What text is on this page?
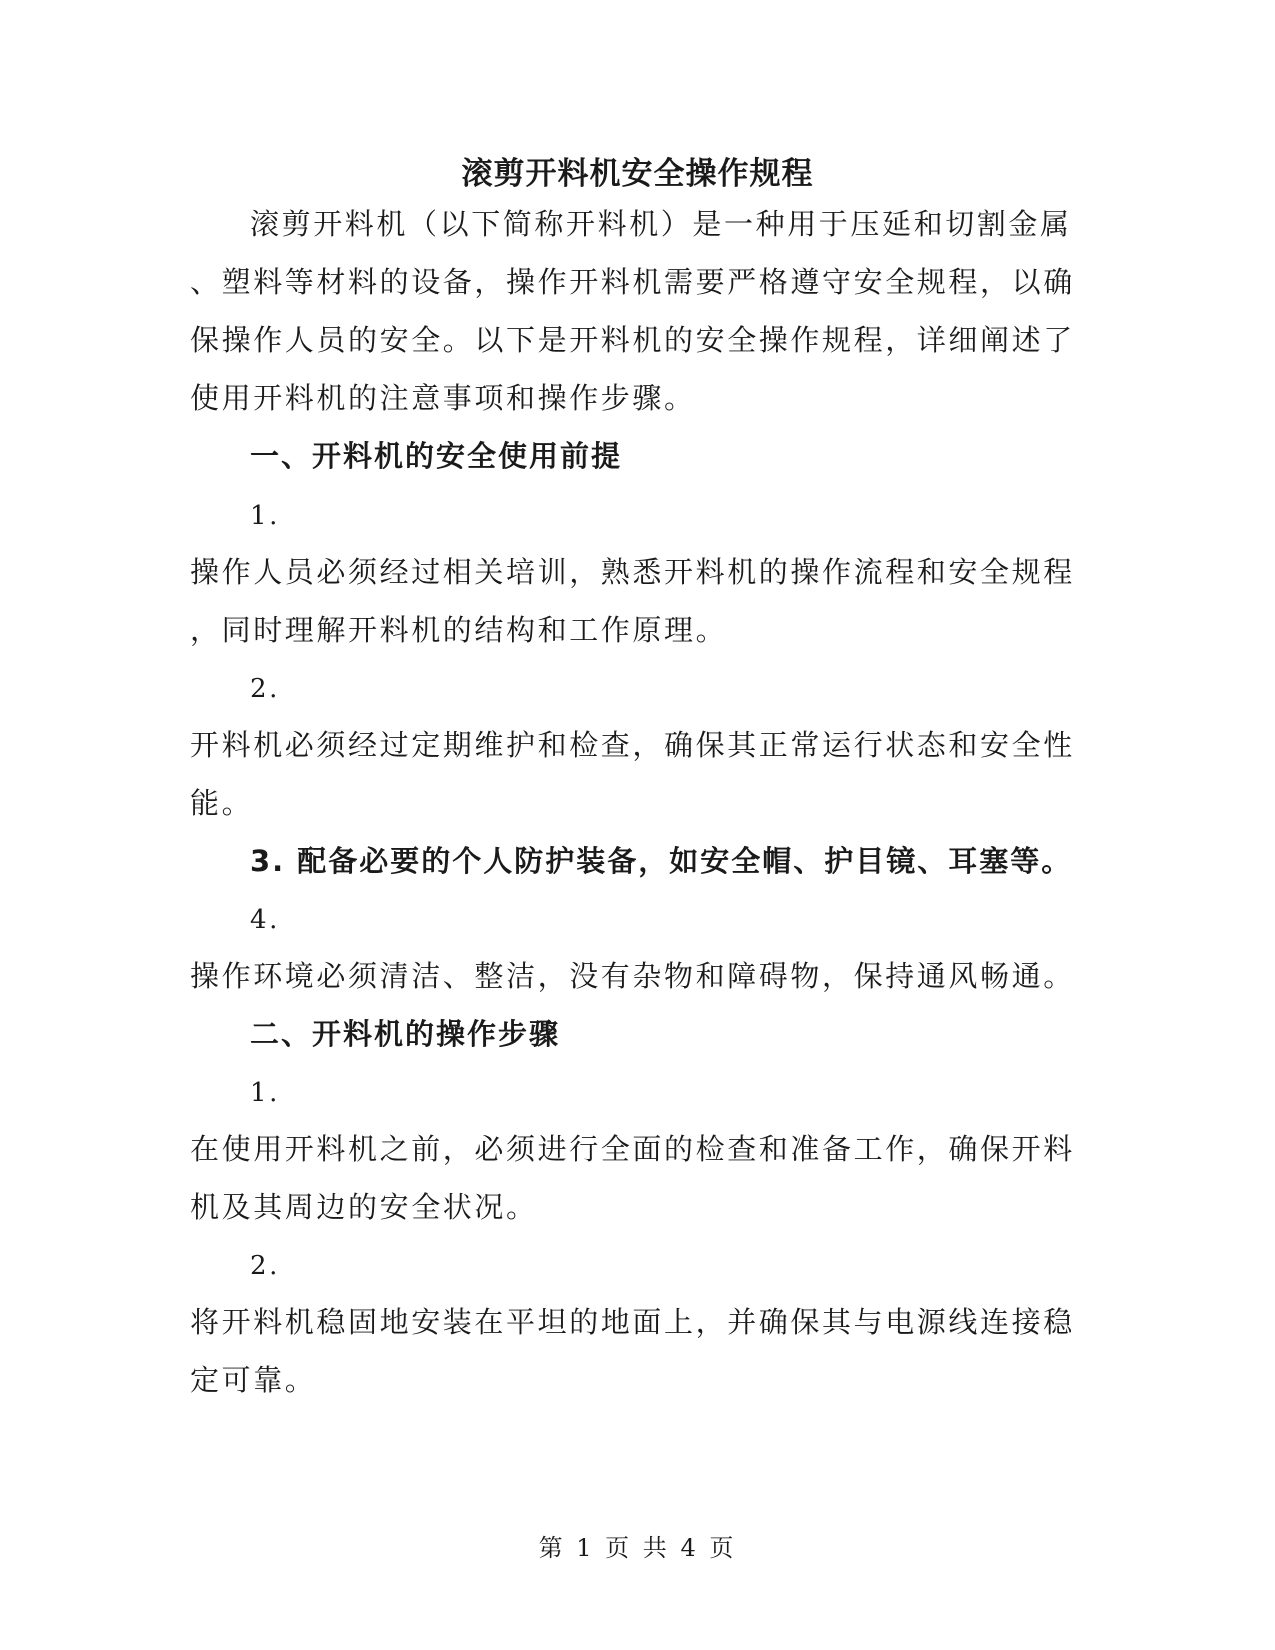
滚剪开料机安全操作规程
滚剪开料机（以下简称开料机）是一种用于压延和切割金属
、塑料等材料的设备，操作开料机需要严格遵守安全规程，以确
保操作人员的安全。以下是开料机的安全操作规程，详细阐述了
使用开料机的注意事项和操作步骤。
一、开料机的安全使用前提
1.
操作人员必须经过相关培训，熟悉开料机的操作流程和安全规程
，同时理解开料机的结构和工作原理。
2.
开料机必须经过定期维护和检查，确保其正常运行状态和安全性
能。
3. 配备必要的个人防护装备，如安全帽、护目镜、耳塞等。
4.
操作环境必须清洁、整洁，没有杂物和障碍物，保持通风畅通。
二、开料机的操作步骤
1.
在使用开料机之前，必须进行全面的检查和准备工作，确保开料
机及其周边的安全状况。
2.
将开料机稳固地安装在平坦的地面上，并确保其与电源线连接稳
定可靠。
第 1 页 共 4 页
